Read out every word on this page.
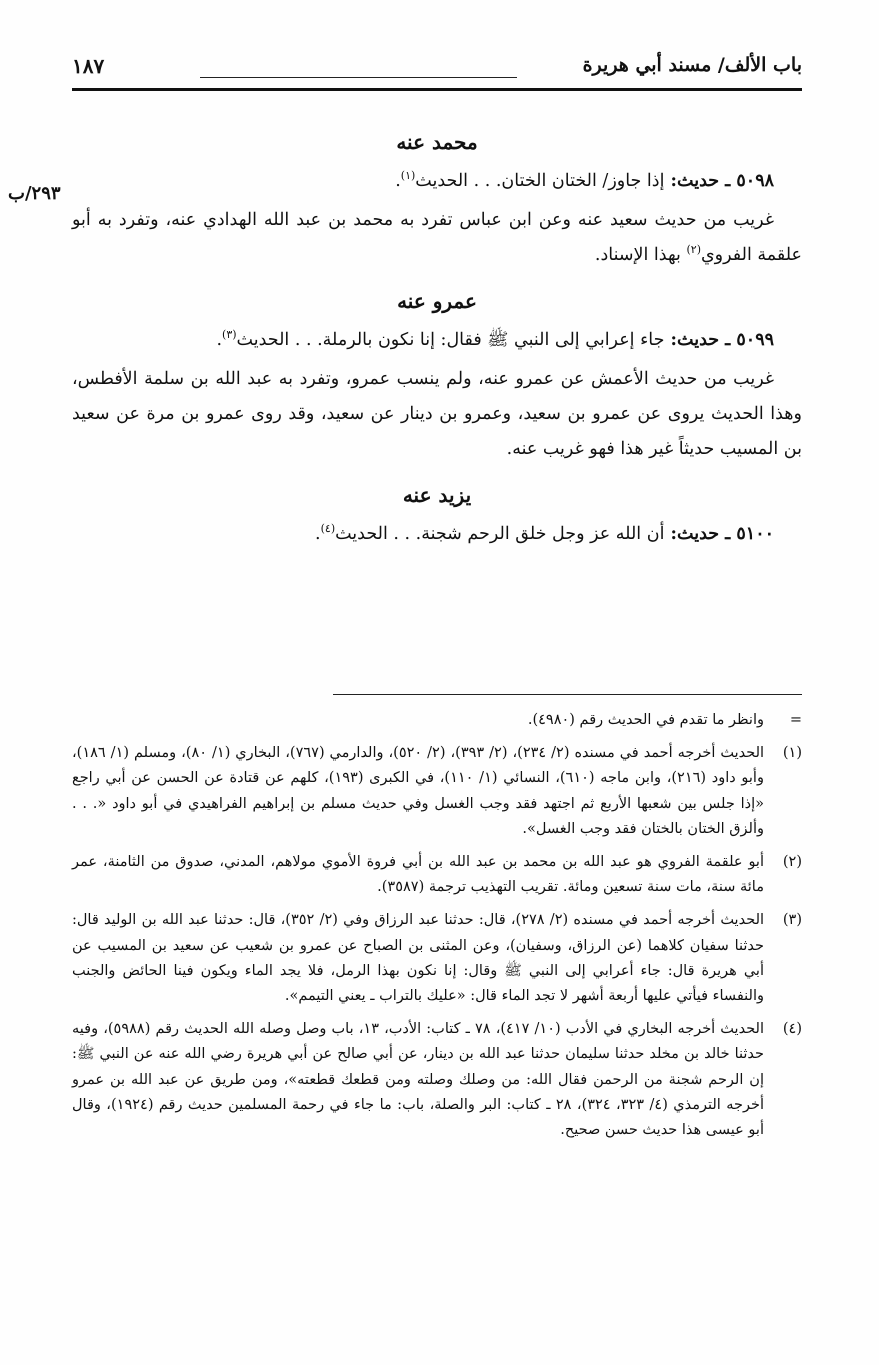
باب الألف/ مسند أبي هريرة
١٨٧
٢٩٣/ب
محمد عنه

٥٠٩٨ ـ حديث: إذا جاوز/ الختان الختان. . . الحديث$^{(١)}$.

غريب من حديث سعيد عنه وعن ابن عباس تفرد به محمد بن عبد الله الهدادي عنه، وتفرد به أبو علقمة الفروي$^{(٢)}$ بهذا الإسناد.

عمرو عنه

٥٠٩٩ ـ حديث: جاء إعرابي إلى النبي ﷺ فقال: إنا نكون بالرملة. . . الحديث$^{(٣)}$.

غريب من حديث الأعمش عن عمرو عنه، ولم ينسب عمرو، وتفرد به عبد الله بن سلمة الأفطس، وهذا الحديث يروى عن عمرو بن سعيد، وعمرو بن دينار عن سعيد، وقد روى عمرو بن مرة عن سعيد بن المسيب حديثاً غير هذا فهو غريب عنه.

يزيد عنه

٥١٠٠ ـ حديث: أن الله عز وجل خلق الرحم شجنة. . . الحديث$^{(٤)}$.

=
وانظر ما تقدم في الحديث رقم (٤٩٨٠).
(١)
الحديث أخرجه أحمد في مسنده (٢/ ٢٣٤)، (٢/ ٣٩٣)، (٢/ ٥٢٠)، والدارمي (٧٦٧)، البخاري (١/ ٨٠)، ومسلم (١/ ١٨٦)، وأبو داود (٢١٦)، وابن ماجه (٦١٠)، النسائي (١/ ١١٠)، في الكبرى (١٩٣)، كلهم عن قتادة عن الحسن عن أبي راجع «إذا جلس بين شعبها الأربع ثم اجتهد فقد وجب الغسل وفي حديث مسلم بن إبراهيم الفراهيدي في أبو داود «. . . وألزق الختان بالختان فقد وجب الغسل».
(٢)
أبو علقمة الفروي هو عبد الله بن محمد بن عبد الله بن أبي فروة الأموي مولاهم، المدني، صدوق من الثامنة، عمر مائة سنة، مات سنة تسعين ومائة. تقريب التهذيب ترجمة (٣٥٨٧).
(٣)
الحديث أخرجه أحمد في مسنده (٢/ ٢٧٨)، قال: حدثنا عبد الرزاق وفي (٢/ ٣٥٢)، قال: حدثنا عبد الله بن الوليد قال: حدثنا سفيان كلاهما (عن الرزاق، وسفيان)، وعن المثنى بن الصباح عن عمرو بن شعيب عن سعيد بن المسيب عن أبي هريرة قال: جاء أعرابي إلى النبي ﷺ وقال: إنا نكون بهذا الرمل، فلا يجد الماء ويكون فينا الحائض والجنب والنفساء فيأتي عليها أربعة أشهر لا تجد الماء قال: «عليك بالتراب ـ يعني التيمم».
(٤)
الحديث أخرجه البخاري في الأدب (١٠/ ٤١٧)، ٧٨ ـ كتاب: الأدب، ١٣، باب وصل وصله الله الحديث رقم (٥٩٨٨)، وفيه حدثنا خالد بن مخلد حدثنا سليمان حدثنا عبد الله بن دينار، عن أبي صالح عن أبي هريرة رضي الله عنه عن النبي ﷺ: إن الرحم شجنة من الرحمن فقال الله: من وصلك وصلته ومن قطعك قطعته»، ومن طريق عن عبد الله بن عمرو أخرجه الترمذي (٤/ ٣٢٣، ٣٢٤)، ٢٨ ـ كتاب: البر والصلة، باب: ما جاء في رحمة المسلمين حديث رقم (١٩٢٤)، وقال أبو عيسى هذا حديث حسن صحيح.
